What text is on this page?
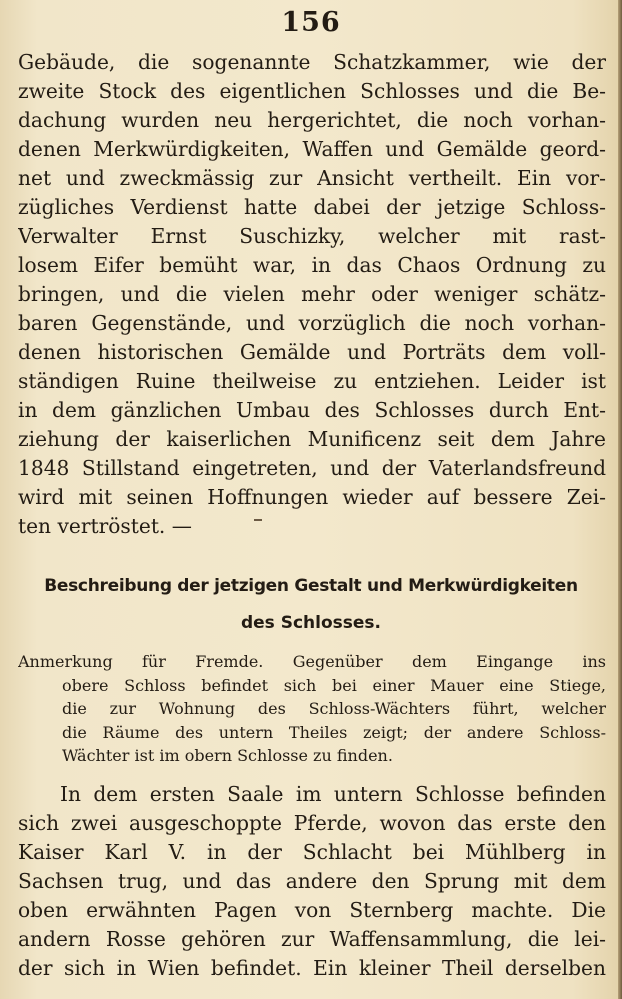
156
Gebäude, die sogenannte Schatzkammer, wie der
zweite Stock des eigentlichen Schlosses und die Be-
dachung wurden neu hergerichtet, die noch vorhan-
denen Merkwürdigkeiten, Waffen und Gemälde geord-
net und zweckmässig zur Ansicht vertheilt. Ein vor-
zügliches Verdienst hatte dabei der jetzige Schloss-
Verwalter Ernst Suschizky, welcher mit rast-
losem Eifer bemüht war, in das Chaos Ordnung zu
bringen, und die vielen mehr oder weniger schätz-
baren Gegenstände, und vorzüglich die noch vorhan-
denen historischen Gemälde und Porträts dem voll-
ständigen Ruine theilweise zu entziehen. Leider ist
in dem gänzlichen Umbau des Schlosses durch Ent-
ziehung der kaiserlichen Munificenz seit dem Jahre
1848 Stillstand eingetreten, und der Vaterlandsfreund
wird mit seinen Hoffnungen wieder auf bessere Zei-
ten vertröstet. —
Beschreibung der jetzigen Gestalt und Merkwürdigkeiten
des Schlosses.
Anmerkung für Fremde. Gegenüber dem Eingange ins
obere Schloss befindet sich bei einer Mauer eine Stiege,
die zur Wohnung des Schloss-Wächters führt, welcher
die Räume des untern Theiles zeigt; der andere Schloss-
Wächter ist im obern Schlosse zu finden.
In dem ersten Saale im untern Schlosse befinden
sich zwei ausgeschoppte Pferde, wovon das erste den
Kaiser Karl V. in der Schlacht bei Mühlberg in
Sachsen trug, und das andere den Sprung mit dem
oben erwähnten Pagen von Sternberg machte. Die
andern Rosse gehören zur Waffensammlung, die lei-
der sich in Wien befindet. Ein kleiner Theil derselben
